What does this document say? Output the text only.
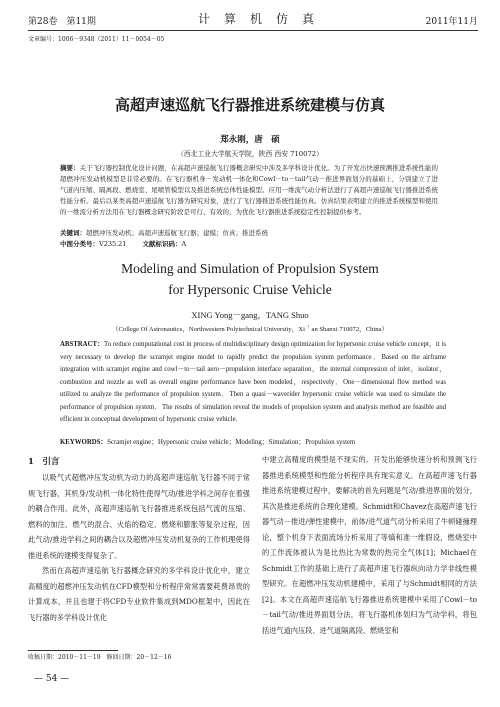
第28卷　第11期	计　算　机　仿　真	2011年11月
文章编号：1006－9348（2011）11－0054－05
高超声速巡航飞行器推进系统建模与仿真
郑永刚，唐　硕
（西北工业大学航天学院，陕西 西安 710072）
摘要：关于飞行器控制优化设计问题，在高超声速巡航飞行器概念研究中涉及多学科设计优化。为了开发出快速预测推进系统性能的超燃冲压发动机模型是非常必要的。在飞行器机身－发动机一体化和Cowl－to－tail气动－推进界面划分的基础上，分别建立了进气道内压缩、隔离段、燃烧室、尾喷管模型以及推进系统总体性能模型。应用一维流气动分析法进行了高超声速巡航飞行器推进系统性能分析。最后以某类高超声速巡航飞行器为研究对象，进行了飞行器推进系统性能仿真。仿真结果表明建立的推进系统模型和使用的一维流分析方法用在飞行器概念研究阶段是可行、有效的，为优化飞行器推进系统稳定性控制提供参考。
关键词：超燃冲压发动机；高超声速巡航飞行器；建模；仿真；推进系统
中图分类号：V235.21 文献标识码：A
Modeling and Simulation of Propulsion System
for Hypersonic Cruise Vehicle
XING Yong－gang，TANG Shuo
（College Of Astronautics，Northwestern Polytechnical University，Xi＇an Shanxi 710072，China）
ABSTRACT：To reduce computational cost in process of multidisciplinary design optimization for hypersonic cruise vehicle concept，it is very necessary to develop the scramjet engine model to rapidly predict the propulsion system performance．Based on the airframe integration with scramjet engine and cowl－to－tail aero－propulsion interface separation，the internal compression of inlet，isolator，combustion and nozzle as well as overall engine performance have been modeled，respectively．One－dimensional flow method was utilized to analyze the performance of propulsion system．Then a quasi－waverider hypersonic cruise vehicle was used to simulate the performance of propulsion system．The results of simulation reveal the models of propulsion system and analysis method are feasible and efficient in conceptual development of hypersonic cruise vehicle．
KEYWORDS：Scramjet engine；Hypersonic cruise vehicle；Modeling；Simulation；Propulsion system
1　引言
以吸气式超燃冲压发动机为动力的高超声速巡航飞行器不同于常规飞行器，其机身/发动机一体化特性使得气动/推进学科之间存在着强的耦合作用。此外，高超声速巡航飞行器推进系统包括气流的压缩、燃料的加注、燃气的混合、火焰的稳定、燃烧和膨胀等复杂过程，因此气动/推进学科之间的耦合以及超燃冲压发动机复杂的工作机理使得推进系统的建模变得复杂了。
然而在高超声速巡航飞行器概念研究的多学科设计优化中，建立高精度的超燃冲压发动机在CFD模型和分析程序常常需要耗费昂贵的计算成本，并且也建于将CFD专业软件集成到MDO框架中，因此在飞行器的多学科设计优化
中建立高精度的模型是不现实的。开发出能够快速分析和预测飞行器推进系统模型和性能分析程序具有现实意义。在高超声速飞行器推进系统建模过程中，要解决的首先问题是气动/推进界面的划分，其次是推进系统的合理化建模。Schmidt和Chavez在高超声速飞行器气动－推进/弹性建模中，前体/进气道气动分析采用了牛顿碰撞理论，整个机身下表面流场分析采用了等熵和准一维假设，燃烧室中的工作流体被认为是比热比为常数的热完全气体[1]；Michael在Schmidt工作的基础上进行了高超声速飞行器纵向动力学非线性模型研究。在超燃冲压发动机建模中，采用了与Schmidt相同的方法[2]。本文在高超声速巡航飞行器推进系统建模中采用了Cowl－to－tail气动/推进界面划分法，将飞行器机体划归为气动学科，将包括进气道内压段、进气道隔离段、燃烧室和
收稿日期：2010－11－19　修回日期：20－12－16
— 54 —
